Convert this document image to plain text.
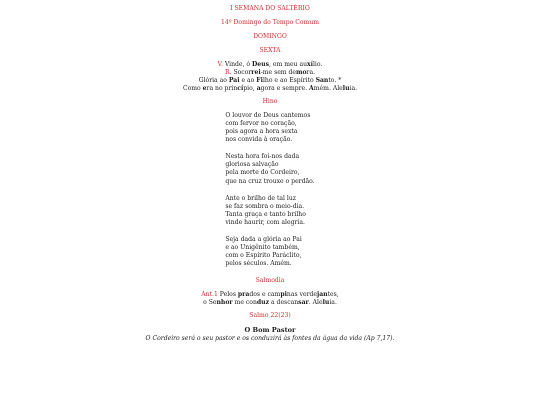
I SEMANA DO SALTÉRIO
14º Domingo do Tempo Comum
DOMINGO
SEXTA
V. Vinde, ó Deus, em meu auxílio.
R. Socorrei-me sem demora.
Glória ao Pai e ao Filho e ao Espírito Santo. *
Como era no princípio, agora e sempre. Amém. Aleluia.
Hino
O louvor de Deus cantemos
com fervor no coração,
pois agora a hora sexta
nos convida à oração.
Nesta hora foi-nos dada
gloriosa salvação
pela morte do Cordeiro,
que na cruz trouxe o perdão.
Ante o brilho de tal luz
se faz sombra o meio-dia.
Tanta graça e tanto brilho
vinde haurir, com alegria.
Seja dada a glória ao Pai
e ao Unigênito também,
com o Espírito Paráclito,
pelos séculos. Amém.
Salmodia
Ant.1 Pelos prados e campinas verdejantes,
o Senhor me conduz a descansar. Aleluia.
Salmo 22(23)
O Bom Pastor
O Cordeiro será o seu pastor e os conduzirá às fontes da água da vida (Ap 7,17).
